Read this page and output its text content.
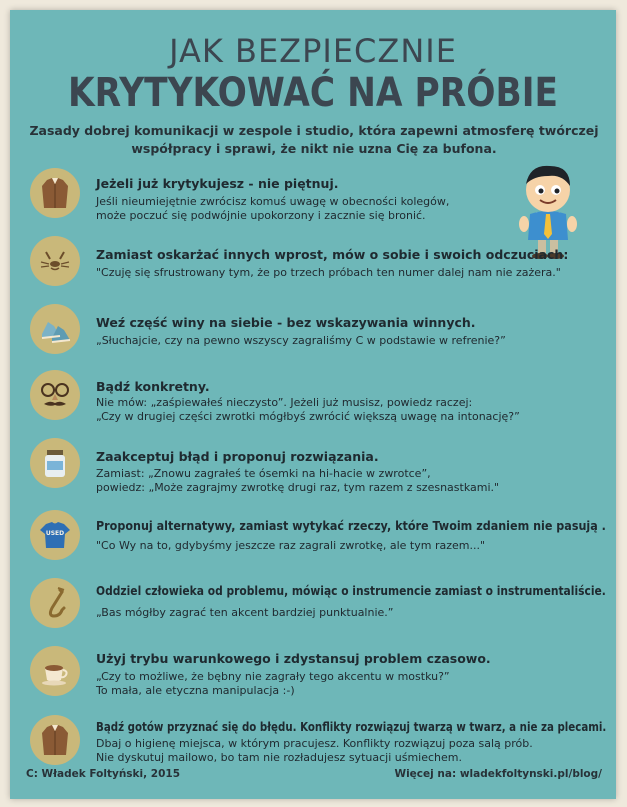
JAK BEZPIECZNIE
KRYTYKOWAĆ NA PRÓBIE
Zasady dobrej komunikacji w zespole i studio, która zapewni atmosferę twórczej współpracy i sprawi, że nikt nie uzna Cię za bufona.
Jeżeli już krytykujesz - nie piętnuj.
Jeśli nieumiejętnie zwrócisz komuś uwagę w obecności kolegów,
może poczuć się podwójnie upokorzony i zacznie się bronić.
Zamiast oskarżać innych wprost, mów o sobie i swoich odczuciach:
"Czuję się sfrustrowany tym, że po trzech próbach ten numer dalej nam nie zażera."
Weź część winy na siebie - bez wskazywania winnych.
„Słuchajcie, czy na pewno wszyscy zagraliśmy C w podstawie w refrenie?”
Bądź konkretny.
Nie mów: „zaśpiewałeś nieczysto”. Jeżeli już musisz, powiedz raczej:
„Czy w drugiej części zwrotki mógłbyś zwrócić większą uwagę na intonację?”
Zaakceptuj błąd i proponuj rozwiązania.
Zamiast: „Znowu zagrałeś te ósemki na hi-hacie w zwrotce”,
powiedz: „Może zagrajmy zwrotkę drugi raz, tym razem z szesnastkami."
USED
Proponuj alternatywy, zamiast wytykać rzeczy, które Twoim zdaniem nie pasują .
"Co Wy na to, gdybyśmy jeszcze raz zagrali zwrotkę, ale tym razem..."
Oddziel człowieka od problemu, mówiąc o instrumencie zamiast o instrumentaliście.
„Bas mógłby zagrać ten akcent bardziej punktualnie.”
Użyj trybu warunkowego i zdystansuj problem czasowo.
„Czy to możliwe, że bębny nie zagrały tego akcentu w mostku?”
To mała, ale etyczna manipulacja :-)
Bądź gotów przyznać się do błędu. Konflikty rozwiązuj twarzą w twarz, a nie za plecami.
Dbaj o higienę miejsca, w którym pracujesz. Konflikty rozwiązuj poza salą prób.
Nie dyskutuj mailowo, bo tam nie rozładujesz sytuacji uśmiechem.
C: Władek Foltyński, 2015	Więcej na: wladekfoltynski.pl/blog/
